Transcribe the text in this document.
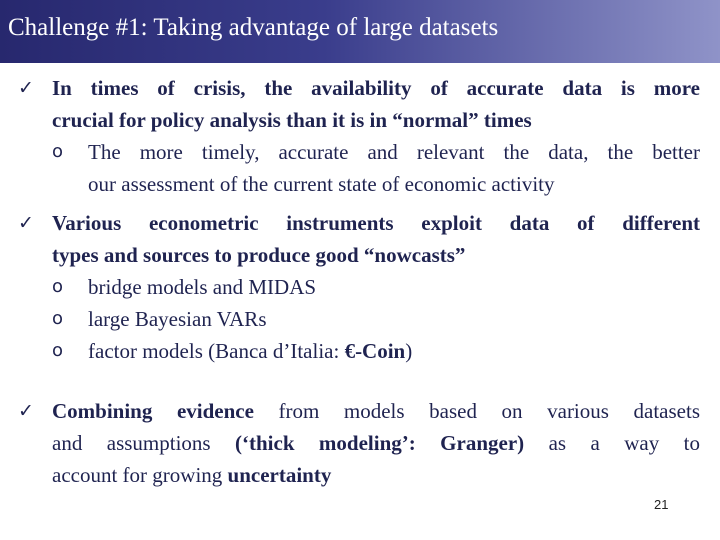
Challenge #1: Taking advantage of large datasets
✓ In times of crisis, the availability of accurate data is more
crucial for policy analysis than it is in “normal” times
o The more timely, accurate and relevant the data, the better
our assessment of the current state of economic activity
✓ Various econometric instruments exploit data of different
types and sources to produce good “nowcasts”
o bridge models and MIDAS
o large Bayesian VARs
o factor models (Banca d’Italia: €-Coin)
✓ Combining evidence from models based on various datasets
and assumptions (‘thick modeling’: Granger) as a way to
account for growing uncertainty
21
